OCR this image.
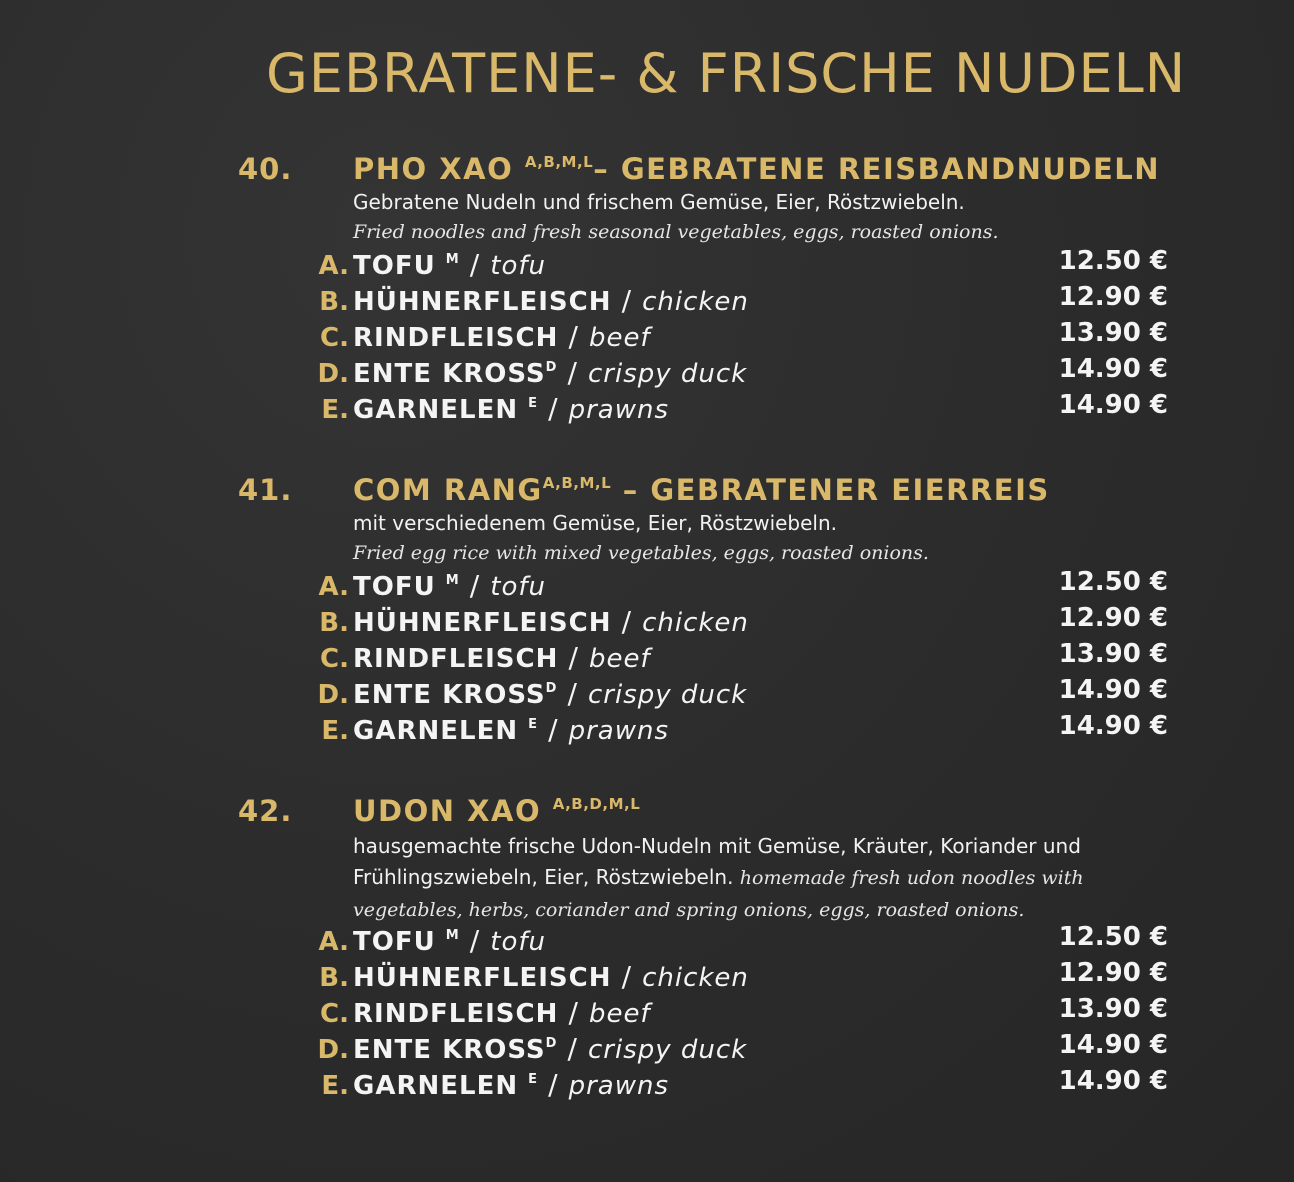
GEBRATENE- & FRISCHE NUDELN
40. PHO XAO $^{A,B,M,L}$– GEBRATENE REISBANDNUDELN
Gebratene Nudeln und frischem Gemüse, Eier, Röstzwiebeln.
Fried noodles and fresh seasonal vegetables, eggs, roasted onions.
A. TOFU $^M$ / tofu	12.50 €
B. HÜHNERFLEISCH / chicken	12.90 €
C. RINDFLEISCH / beef	13.90 €
D. ENTE $KROSS^D$ / crispy duck	14.90 €
E. GARNELEN $^E$ / prawns	14.90 €
41. COM $RANG^{A,B,M,L}$ – GEBRATENER EIERREIS
mit verschiedenem Gemüse, Eier, Röstzwiebeln.
Fried egg rice with mixed vegetables, eggs, roasted onions.
A. TOFU $^M$ / tofu	12.50 €
B. HÜHNERFLEISCH / chicken	12.90 €
C. RINDFLEISCH / beef	13.90 €
D. ENTE $KROSS^D$ / crispy duck	14.90 €
E. GARNELEN $^E$ / prawns	14.90 €
42. UDON XAO $^{A,B,D,M,L}$
hausgemachte frische Udon-Nudeln mit Gemüse, Kräuter, Koriander und Frühlingszwiebeln, Eier, Röstzwiebeln. homemade fresh udon noodles with vegetables, herbs, coriander and spring onions, eggs, roasted onions.
A. TOFU $^M$ / tofu	12.50 €
B. HÜHNERFLEISCH / chicken	12.90 €
C. RINDFLEISCH / beef	13.90 €
D. ENTE $KROSS^D$ / crispy duck	14.90 €
E. GARNELEN $^E$ / prawns	14.90 €
